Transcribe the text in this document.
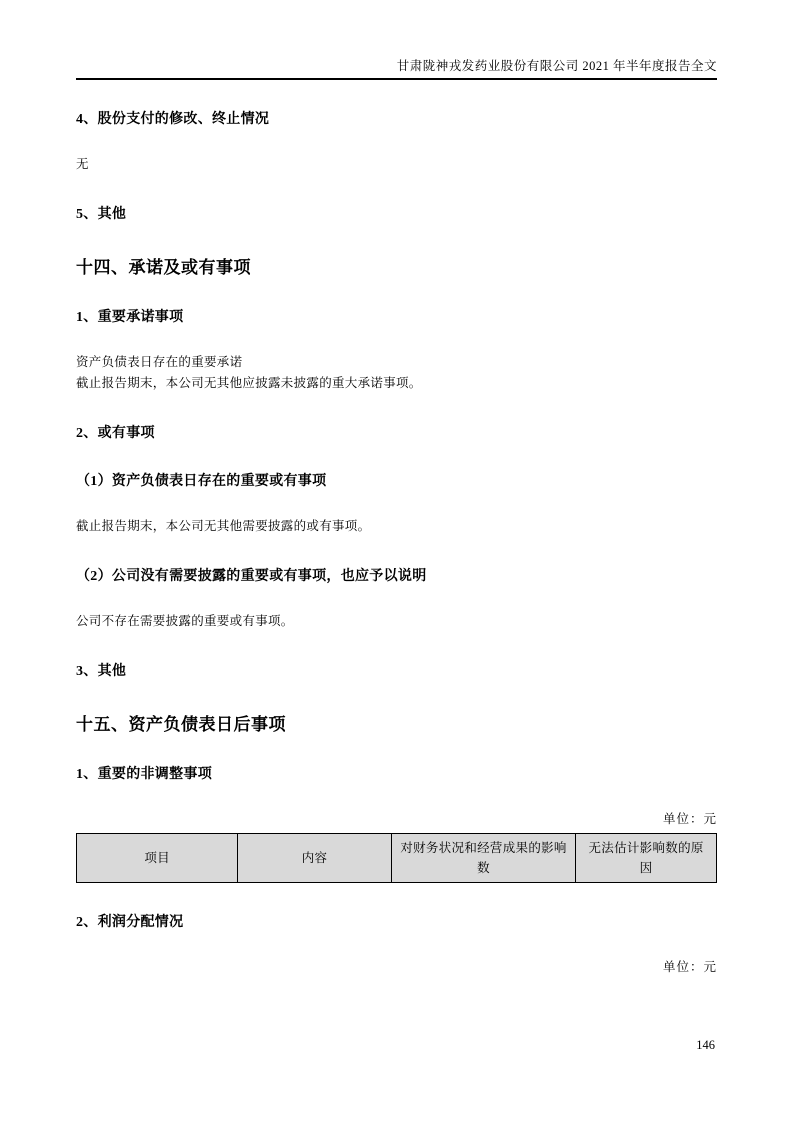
甘肃陇神戎发药业股份有限公司 2021 年半年度报告全文
4、股份支付的修改、终止情况
无
5、其他
十四、承诺及或有事项
1、重要承诺事项
资产负债表日存在的重要承诺
截止报告期末，本公司无其他应披露未披露的重大承诺事项。
2、或有事项
（1）资产负债表日存在的重要或有事项
截止报告期末，本公司无其他需要披露的或有事项。
（2）公司没有需要披露的重要或有事项，也应予以说明
公司不存在需要披露的重要或有事项。
3、其他
十五、资产负债表日后事项
1、重要的非调整事项
单位：元
项目	内容	对财务状况和经营成果的影响数	无法估计影响数的原因
2、利润分配情况
单位：元
146
